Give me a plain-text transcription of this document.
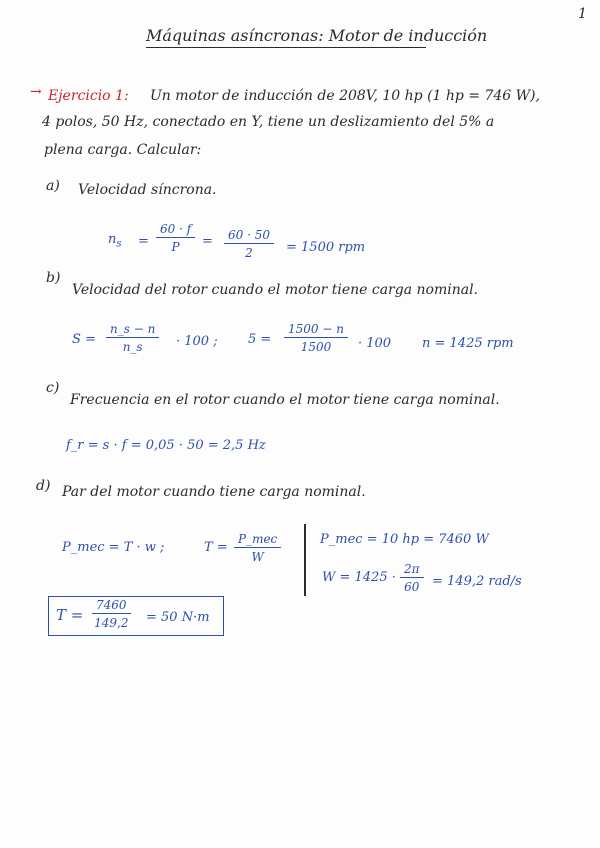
1
Máquinas asíncronas: Motor de inducción
→ Ejercicio 1: Un motor de inducción de 208V, 10 hp (1 hp = 746 W),
4 polos, 50 Hz, conectado en Y, tiene un deslizamiento del 5% a
plena carga. Calcular:
a) Velocidad síncrona.
$n_s = \frac{60 \cdot f}{P} = \frac{60 \cdot 50}{2} = 1500$ rpm
b)
Velocidad del rotor cuando el motor tiene carga nominal.
$S = \frac{n\_s - n}{n\_s} \cdot 100$ ; $5 = \frac{1500 - n}{1500} \cdot 100$ n = 1425 rpm
c)
Frecuencia en el rotor cuando el motor tiene carga nominal.
f_r = s · f = 0,05 · 50 = 2,5 Hz
d) Par del motor cuando tiene carga nominal.
P_mec = T · w ;	T =
P_mec
W
P_mec = 10 hp = 7460 W
$W = 1425 \cdot \frac{2\pi}{60} = 149,2$ rad/s
$T = \frac{7460}{149,2} = 50$ N·m
